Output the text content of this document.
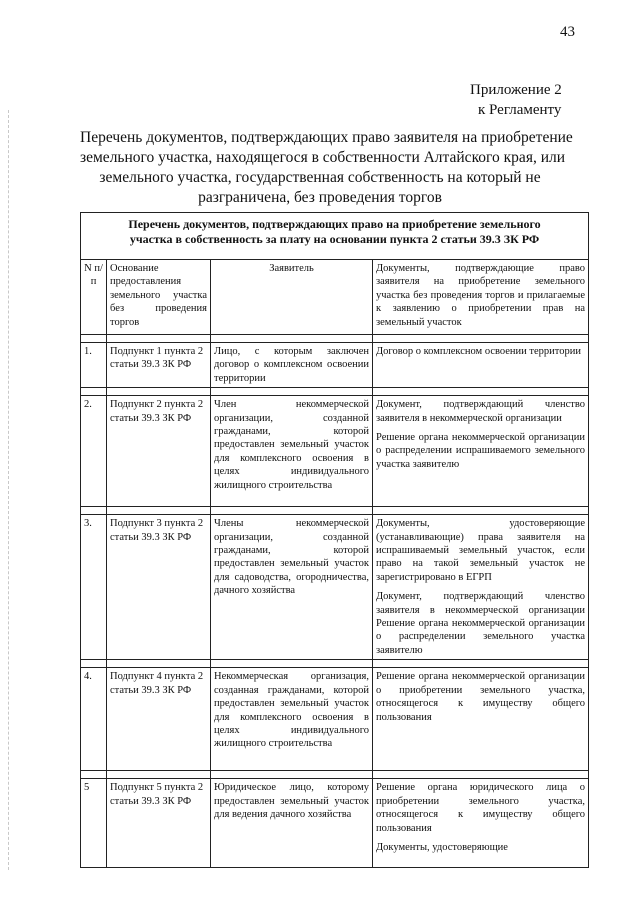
43
Приложение 2
к Регламенту
Перечень документов, подтверждающих право заявителя на приобретение
земельного участка, находящегося в собственности Алтайского края, или
земельного участка, государственная собственность на который не
разграничена, без проведения торгов
Перечень документов, подтверждающих право на приобретение земельного
участка в собственность за плату на основании пункта 2 статьи 39.3 ЗК РФ			

N п/п	Основание предоставления земельного участка без проведения торгов	Заявитель	Документы, подтверждающие право заявителя на приобретение земельного участка без проведения торгов и прилагаемые к заявлению о приобретении прав на земельный участок

1.	Подпункт 1 пункта 2 статьи 39.3 ЗК РФ	Лицо, с которым заключен договор о комплексном освоении территории	Договор о комплексном освоении территории

2.	Подпункт 2 пункта 2 статьи 39.3 ЗК РФ	Член некоммерческой организации, созданной гражданами, которой предоставлен земельный участок для комплексного освоения в целях индивидуального жилищного строительства	Документ, подтверждающий членство заявителя в некоммерческой организации
Решение органа некоммерческой организации о распределении испрашиваемого земельного участка заявителю

3.	Подпункт 3 пункта 2 статьи 39.3 ЗК РФ	Члены некоммерческой организации, созданной гражданами, которой предоставлен земельный участок для садоводства, огородничества, дачного хозяйства	Документы, удостоверяющие (устанавливающие) права заявителя на испрашиваемый земельный участок, если право на такой земельный участок не зарегистрировано в ЕГРП
Документ, подтверждающий членство заявителя в некоммерческой организации Решение органа некоммерческой организации о распределении земельного участка заявителю

4.	Подпункт 4 пункта 2 статьи 39.3 ЗК РФ	Некоммерческая организация, созданная гражданами, которой предоставлен земельный участок для комплексного освоения в целях индивидуального жилищного строительства	Решение органа некоммерческой организации о приобретении земельного участка, относящегося к имуществу общего пользования

5	Подпункт 5 пункта 2 статьи 39.3 ЗК РФ	Юридическое лицо, которому предоставлен земельный участок для ведения дачного хозяйства	Решение органа юридического лица о приобретении земельного участка, относящегося к имуществу общего пользования
Документы, удостоверяющие
